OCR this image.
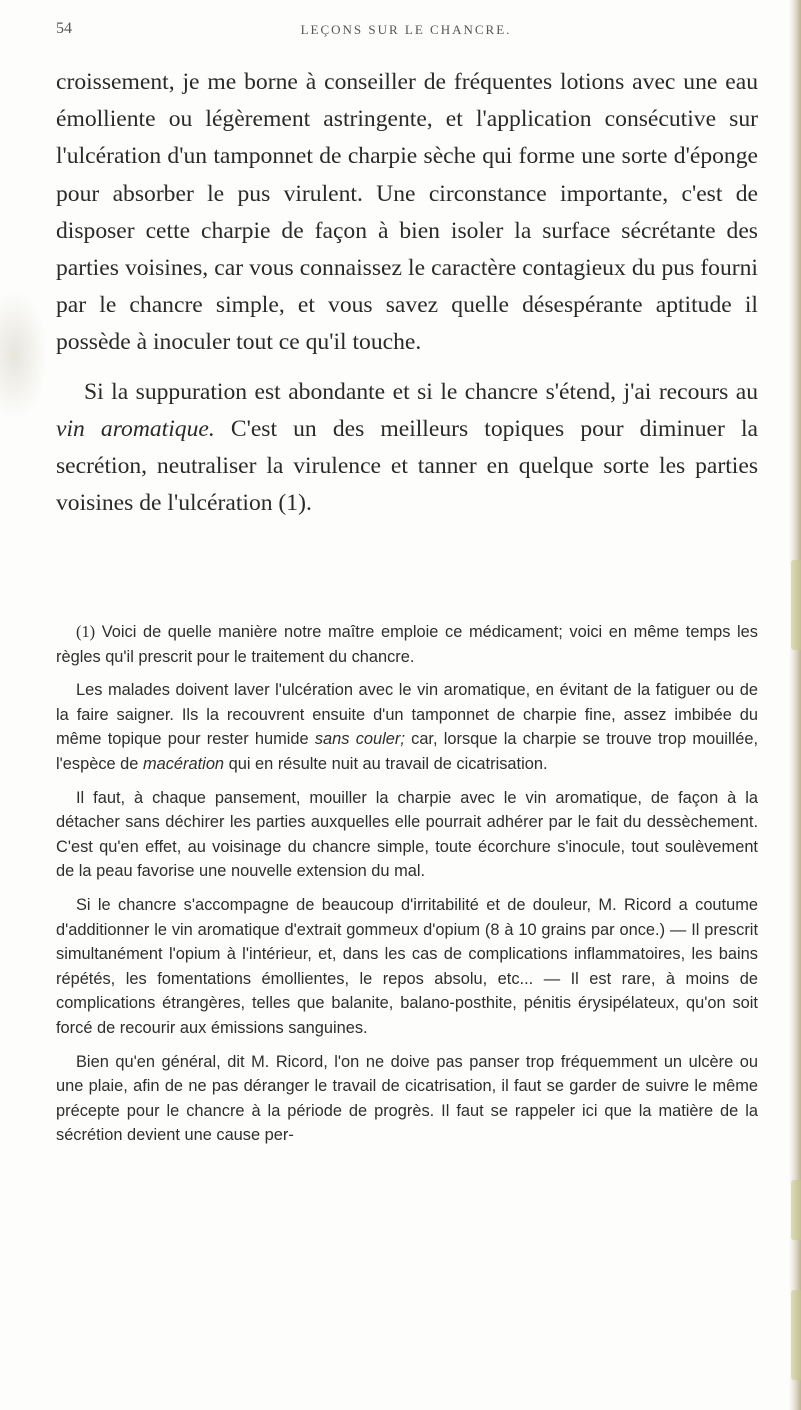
54	LEÇONS SUR LE CHANCRE.

croissement, je me borne à conseiller de fréquentes lotions avec une eau émolliente ou légèrement astringente, et l'application consécutive sur l'ulcération d'un tamponnet de charpie sèche qui forme une sorte d'éponge pour absorber le pus virulent. Une circonstance importante, c'est de disposer cette charpie de façon à bien isoler la surface sécrétante des parties voisines, car vous connaissez le caractère contagieux du pus fourni par le chancre simple, et vous savez quelle désespérante aptitude il possède à inoculer tout ce qu'il touche.

Si la suppuration est abondante et si le chancre s'étend, j'ai recours au vin aromatique. C'est un des meilleurs topiques pour diminuer la secrétion, neutraliser la virulence et tanner en quelque sorte les parties voisines de l'ulcération (1).

(1) Voici de quelle manière notre maître emploie ce médicament; voici en même temps les règles qu'il prescrit pour le traitement du chancre.

Les malades doivent laver l'ulcération avec le vin aromatique, en évitant de la fatiguer ou de la faire saigner. Ils la recouvrent ensuite d'un tamponnet de charpie fine, assez imbibée du même topique pour rester humide sans couler; car, lorsque la charpie se trouve trop mouillée, l'espèce de macération qui en résulte nuit au travail de cicatrisation.

Il faut, à chaque pansement, mouiller la charpie avec le vin aromatique, de façon à la détacher sans déchirer les parties auxquelles elle pourrait adhérer par le fait du dessèchement. C'est qu'en effet, au voisinage du chancre simple, toute écorchure s'inocule, tout soulèvement de la peau favorise une nouvelle extension du mal.

Si le chancre s'accompagne de beaucoup d'irritabilité et de douleur, M. Ricord a coutume d'additionner le vin aromatique d'extrait gommeux d'opium (8 à 10 grains par once.) — Il prescrit simultanément l'opium à l'intérieur, et, dans les cas de complications inflammatoires, les bains répétés, les fomentations émollientes, le repos absolu, etc... — Il est rare, à moins de complications étrangères, telles que balanite, balano-posthite, pénitis érysipélateux, qu'on soit forcé de recourir aux émissions sanguines.

Bien qu'en général, dit M. Ricord, l'on ne doive pas panser trop fréquemment un ulcère ou une plaie, afin de ne pas déranger le travail de cicatrisation, il faut se garder de suivre le même précepte pour le chancre à la période de progrès. Il faut se rappeler ici que la matière de la sécrétion devient une cause per-
